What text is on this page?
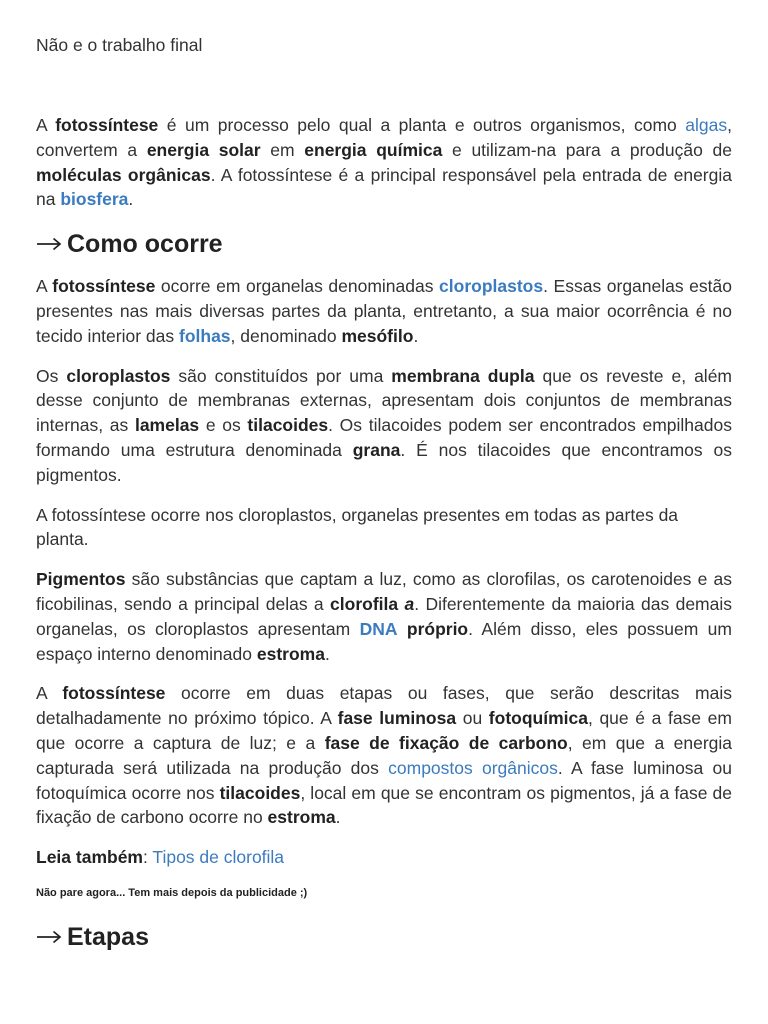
Não e o trabalho final

A fotossíntese é um processo pelo qual a planta e outros organismos, como algas, convertem a energia solar em energia química e utilizam-na para a produção de moléculas orgânicas. A fotossíntese é a principal responsável pela entrada de energia na biosfera.

Como ocorre

A fotossíntese ocorre em organelas denominadas cloroplastos. Essas organelas estão presentes nas mais diversas partes da planta, entretanto, a sua maior ocorrência é no tecido interior das folhas, denominado mesófilo.

Os cloroplastos são constituídos por uma membrana dupla que os reveste e, além desse conjunto de membranas externas, apresentam dois conjuntos de membranas internas, as lamelas e os tilacoides. Os tilacoides podem ser encontrados empilhados formando uma estrutura denominada grana. É nos tilacoides que encontramos os pigmentos.

A fotossíntese ocorre nos cloroplastos, organelas presentes em todas as partes da planta.

Pigmentos são substâncias que captam a luz, como as clorofilas, os carotenoides e as ficobilinas, sendo a principal delas a clorofila a. Diferentemente da maioria das demais organelas, os cloroplastos apresentam DNA próprio. Além disso, eles possuem um espaço interno denominado estroma.

A fotossíntese ocorre em duas etapas ou fases, que serão descritas mais detalhadamente no próximo tópico. A fase luminosa ou fotoquímica, que é a fase em que ocorre a captura de luz; e a fase de fixação de carbono, em que a energia capturada será utilizada na produção dos compostos orgânicos. A fase luminosa ou fotoquímica ocorre nos tilacoides, local em que se encontram os pigmentos, já a fase de fixação de carbono ocorre no estroma.

Leia também: Tipos de clorofila

Não pare agora... Tem mais depois da publicidade ;)

Etapas
